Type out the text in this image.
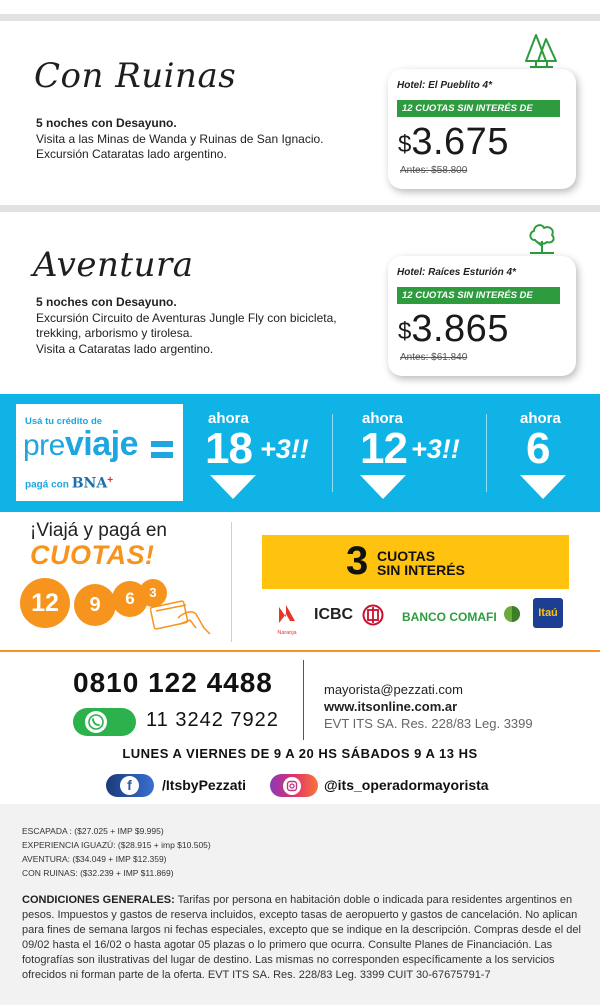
Con Ruinas
5 noches con Desayuno.
Visita a las Minas de Wanda y Ruinas de San Ignacio.
Excursión Cataratas lado argentino.
Hotel: El Pueblito 4*
12 CUOTAS SIN INTERÉS DE
$3.675
Antes: $58.800
Aventura
5 noches con Desayuno.
Excursión Circuito de Aventuras Jungle Fly con bicicleta,
trekking, arborismo y tirolesa.
Visita a Cataratas lado argentino.
Hotel: Raíces Esturión 4*
12 CUOTAS SIN INTERÉS DE
$3.865
Antes: $61.840
Usá tu crédito de
previaje
pagá con BNA+
ahora
18 +3!!
ahora
12 +3!!
ahora
6
¡Viajá y pagá en
CUOTAS!
12	9	6	3
3 CUOTAS
SIN INTERÉS
Naranja
ICBC	BANCO COMAFI	Itaú
0810 122 4488
11 3242 7922
mayorista@pezzati.com
www.itsonline.com.ar
EVT ITS SA. Res. 228/83 Leg. 3399
LUNES A VIERNES DE 9 A 20 HS SÁBADOS 9 A 13 HS
f	/ItsbyPezzati	@its_operadormayorista
ESCAPADA : ($27.025 + IMP $9.995)
EXPERIENCIA IGUAZÚ: ($28.915 + imp $10.505)
AVENTURA: ($34.049 + IMP $12.359)
CON RUINAS: ($32.239 + IMP $11.869)
CONDICIONES GENERALES: Tarifas por persona en habitación doble o indicada para residentes argentinos en pesos. Impuestos y gastos de reserva incluidos, excepto tasas de aeropuerto y gastos de cancelación. No aplican para fines de semana largos ni fechas especiales, excepto que se indique en la descripción. Compras desde el del 09/02 hasta el 16/02 o hasta agotar 05 plazas o lo primero que ocurra. Consulte Planes de Financiación. Las fotografías son ilustrativas del lugar de destino. Las mismas no corresponden específicamente a los servicios ofrecidos ni forman parte de la oferta. EVT ITS SA. Res. 228/83 Leg. 3399 CUIT 30-67675791-7
